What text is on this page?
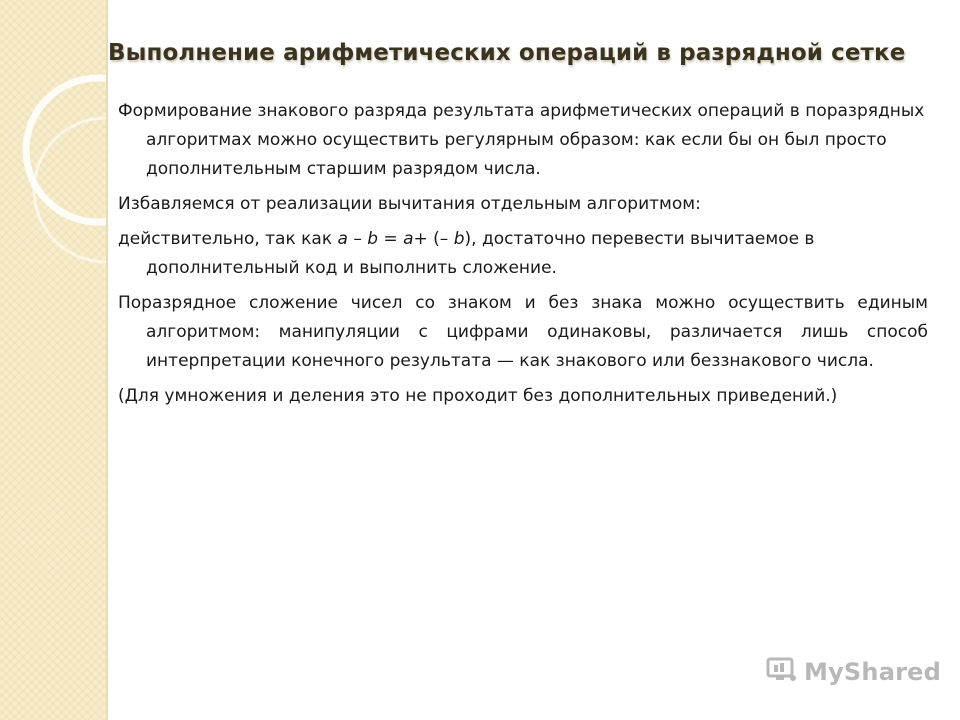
Выполнение арифметических операций в разрядной сетке

Формирование знакового разряда результата арифметических операций в поразрядных алгоритмах можно осуществить регулярным образом: как если бы он был просто дополнительным старшим разрядом числа.

Избавляемся от реализации вычитания отдельным алгоритмом:

действительно, так как a – b = a+ (– b), достаточно перевести вычитаемое в дополнительный код и выполнить сложение.

Поразрядное сложение чисел со знаком и без знака можно осуществить единым алгоритмом: манипуляции с цифрами одинаковы, различается лишь способ интерпретации конечного результата — как знакового или беззнакового числа.

(Для умножения и деления это не проходит без дополнительных приведений.)

MyShared
